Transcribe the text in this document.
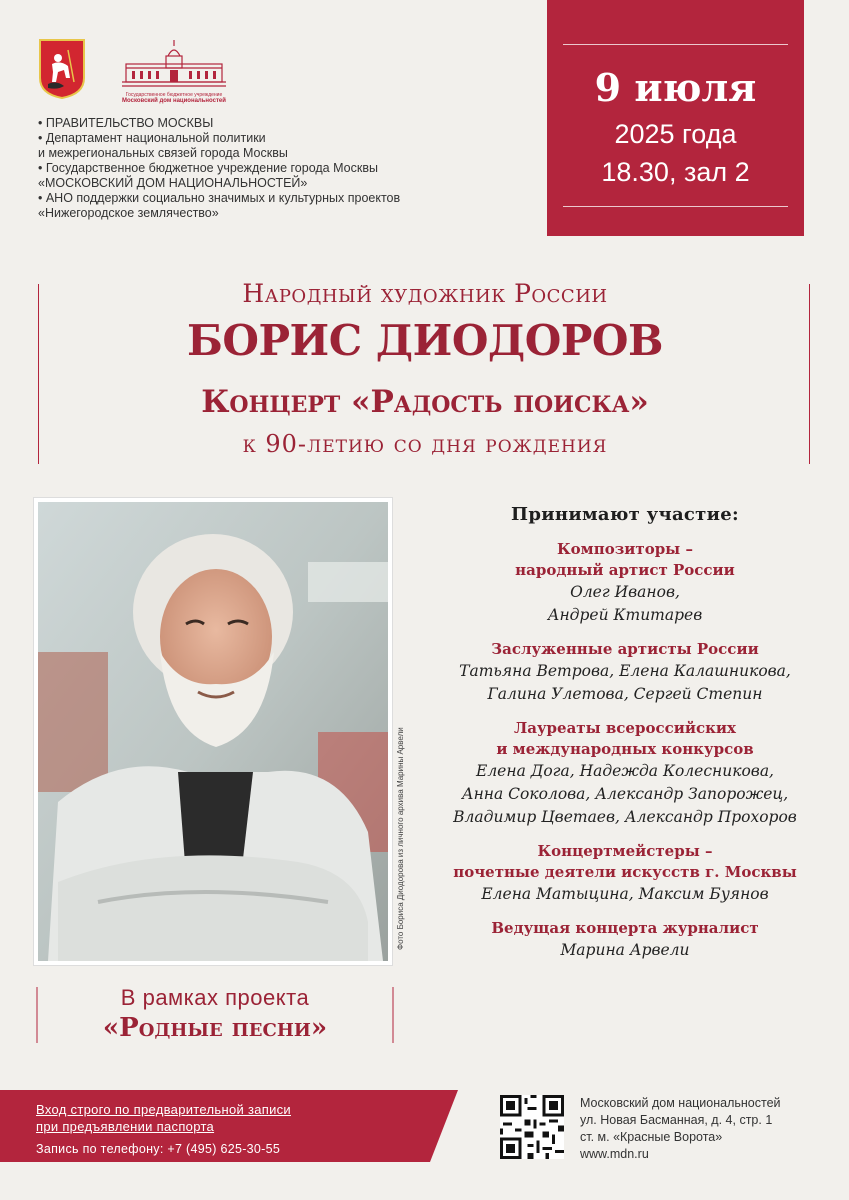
9 июля
2025 года
18.30, зал 2
Государственное бюджетное учреждение
Московский дом национальностей
• ПРАВИТЕЛЬСТВО МОСКВЫ
• Департамент национальной политики
и межрегиональных связей города Москвы
• Государственное бюджетное учреждение города Москвы
«МОСКОВСКИЙ ДОМ НАЦИОНАЛЬНОСТЕЙ»
• АНО поддержки социально значимых и культурных проектов
«Нижегородское землячество»
Народный художник России
БОРИС ДИОДОРОВ
Концерт «Радость поиска»
к 90-летию со дня рождения
Фото Бориса Диодорова из личного архива Марины Арвели
В рамках проекта
«Родные песни»
Принимают участие:
Композиторы –
народный артист России
Олег Иванов,
Андрей Ктитарев
Заслуженные артисты России
Татьяна Ветрова, Елена Калашникова,
Галина Улетова, Сергей Степин
Лауреаты всероссийских
и международных конкурсов
Елена Дога, Надежда Колесникова,
Анна Соколова, Александр Запорожец,
Владимир Цветаев, Александр Прохоров
Концертмейстеры –
почетные деятели искусств г. Москвы
Елена Матыцина, Максим Буянов
Ведущая концерта журналист
Марина Арвели
Вход строго по предварительной записи
при предъявлении паспорта
Запись по телефону: +7 (495) 625-30-55
Московский дом национальностей
ул. Новая Басманная, д. 4, стр. 1
ст. м. «Красные Ворота»
www.mdn.ru
